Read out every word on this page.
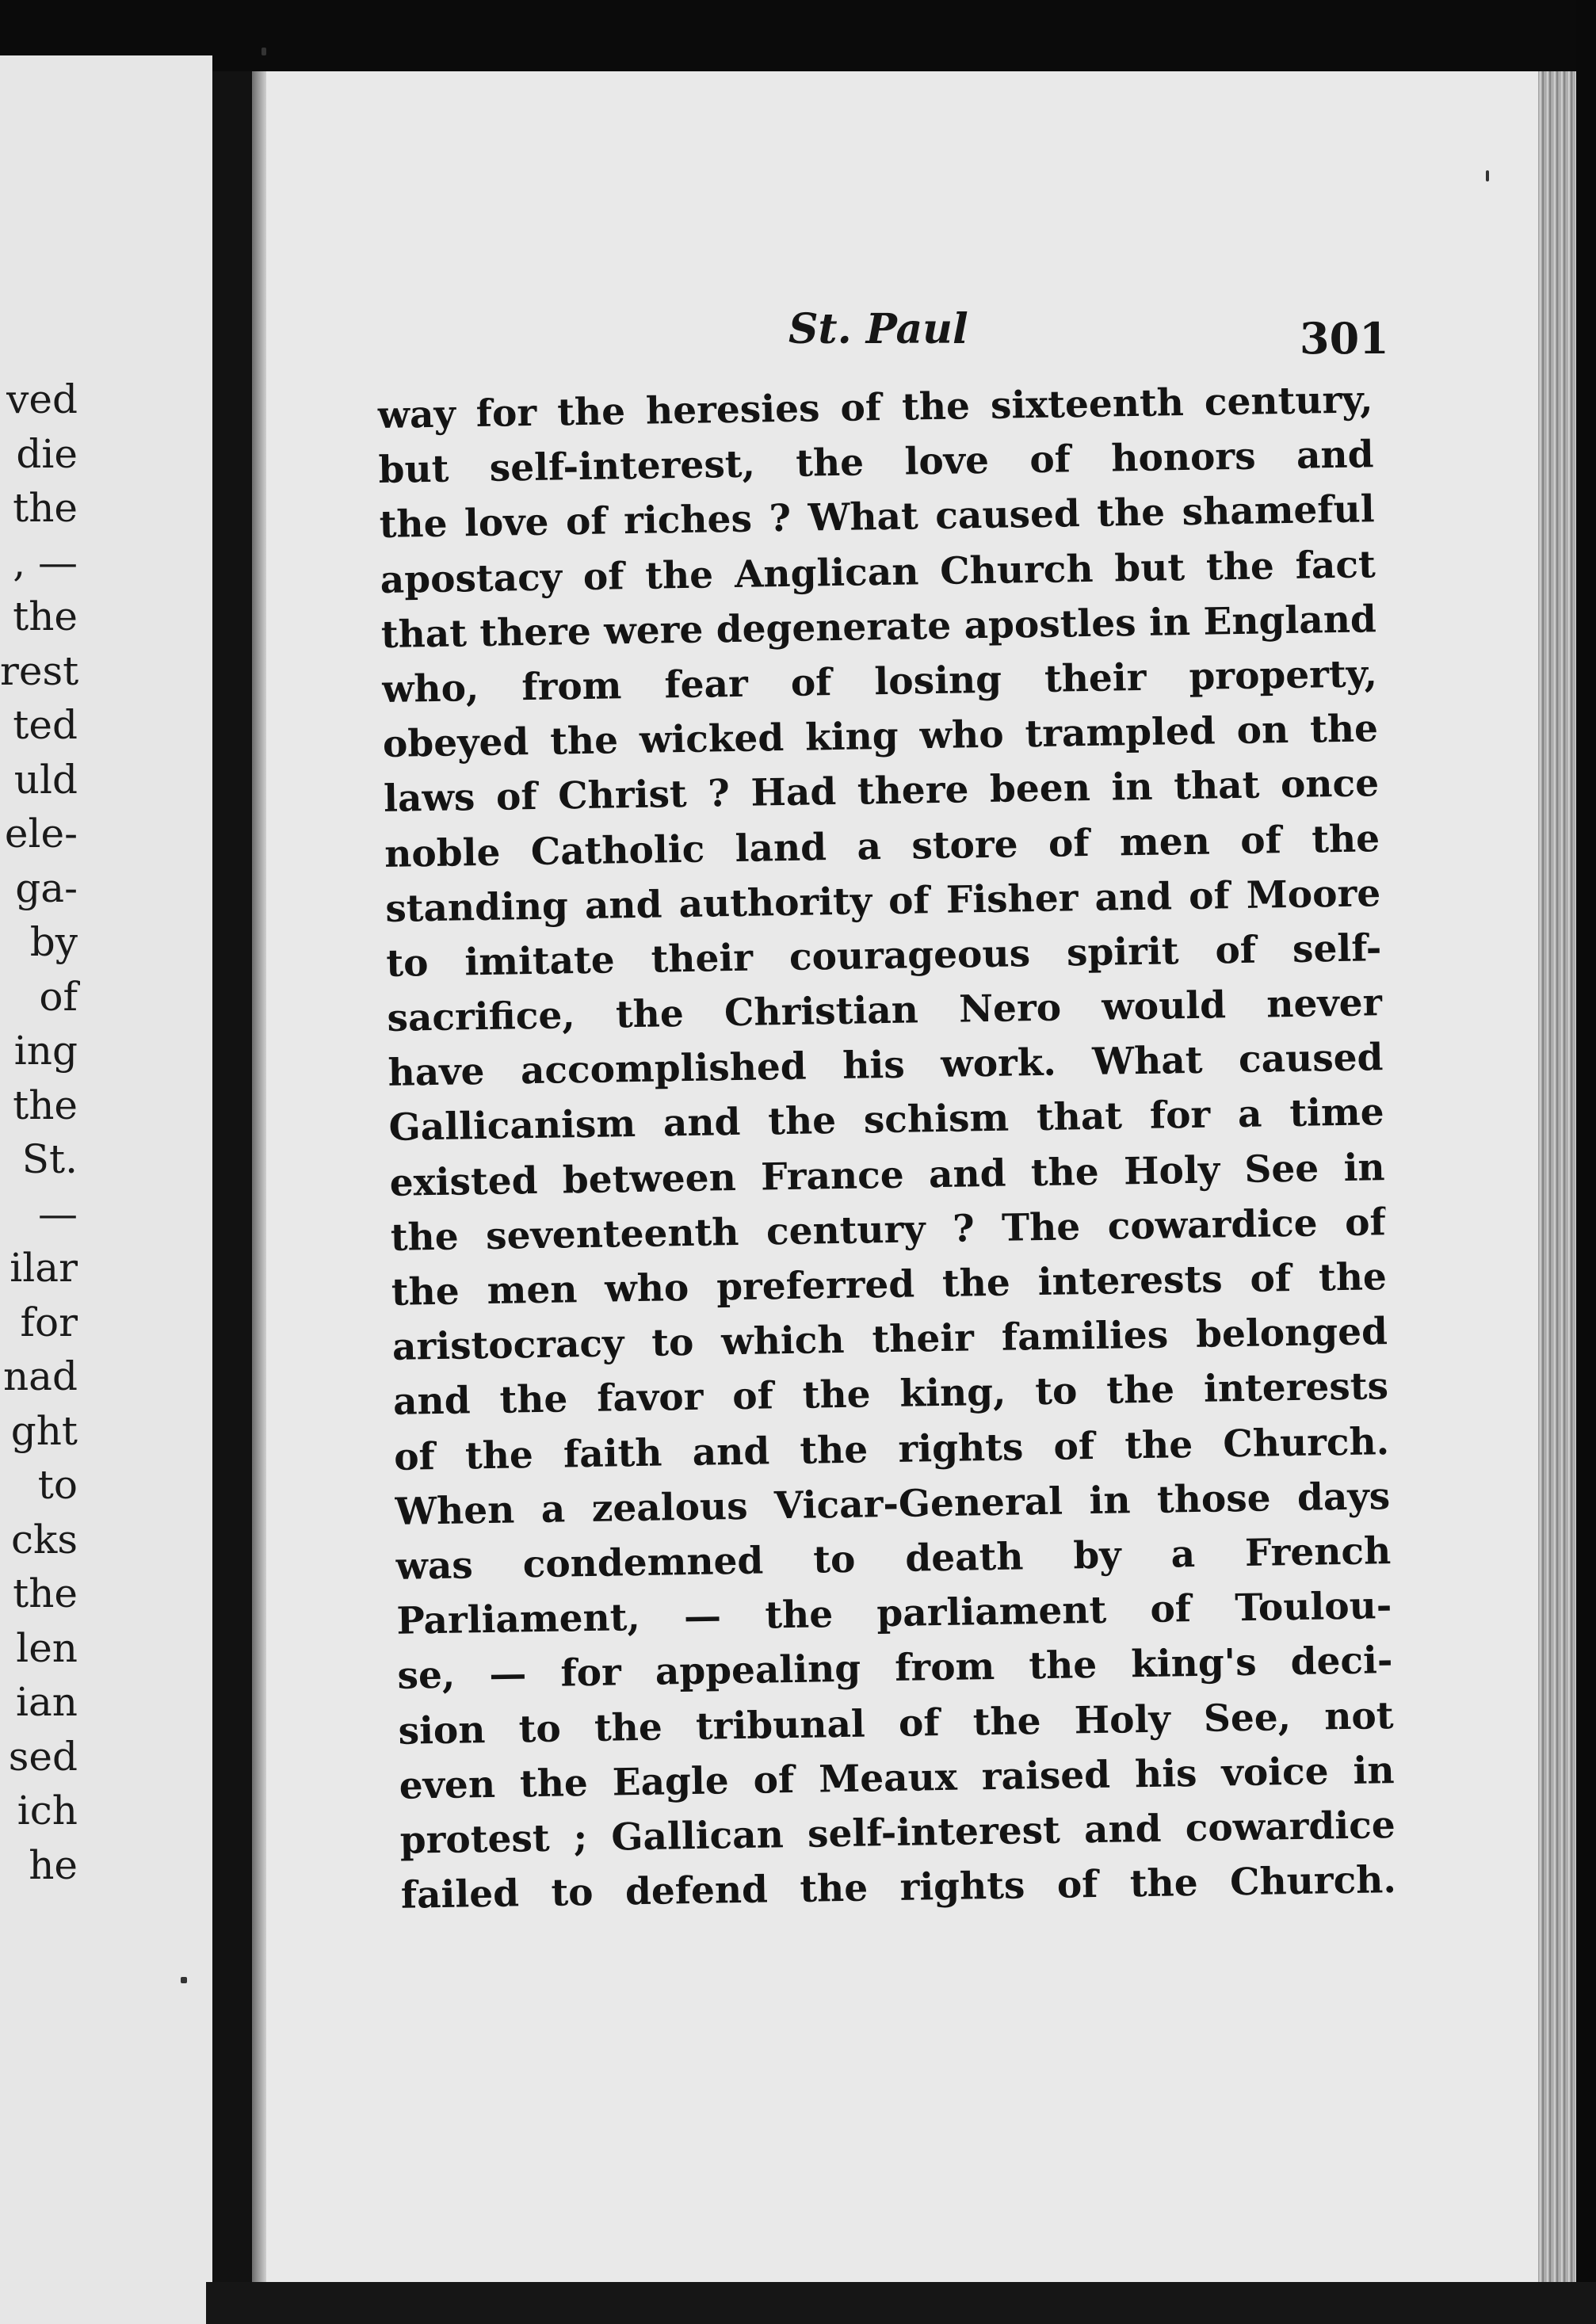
ved
die
the
, —
the
rest
ted
uld
ele-
ga-
by
of
ing
the
St.
—
ilar
for
nad
ght
to
cks
the
len
ian
sed
ich
he
St. Paul	301
way for the heresies of the sixteenth century,
but self-interest, the love of honors and
the love of riches ? What caused the shameful
apostacy of the Anglican Church but the fact
that there were degenerate apostles in England
who, from fear of losing their property,
obeyed the wicked king who trampled on the
laws of Christ ? Had there been in that once
noble Catholic land a store of men of the
standing and authority of Fisher and of Moore
to imitate their courageous spirit of self-
sacrifice, the Christian Nero would never
have accomplished his work. What caused
Gallicanism and the schism that for a time
existed between France and the Holy See in
the seventeenth century ? The cowardice of
the men who preferred the interests of the
aristocracy to which their families belonged
and the favor of the king, to the interests
of the faith and the rights of the Church.
When a zealous Vicar-General in those days
was condemned to death by a French
Parliament, — the parliament of Toulou-
se, — for appealing from the king's deci-
sion to the tribunal of the Holy See, not
even the Eagle of Meaux raised his voice in
protest ; Gallican self-interest and cowardice
failed to defend the rights of the Church.
